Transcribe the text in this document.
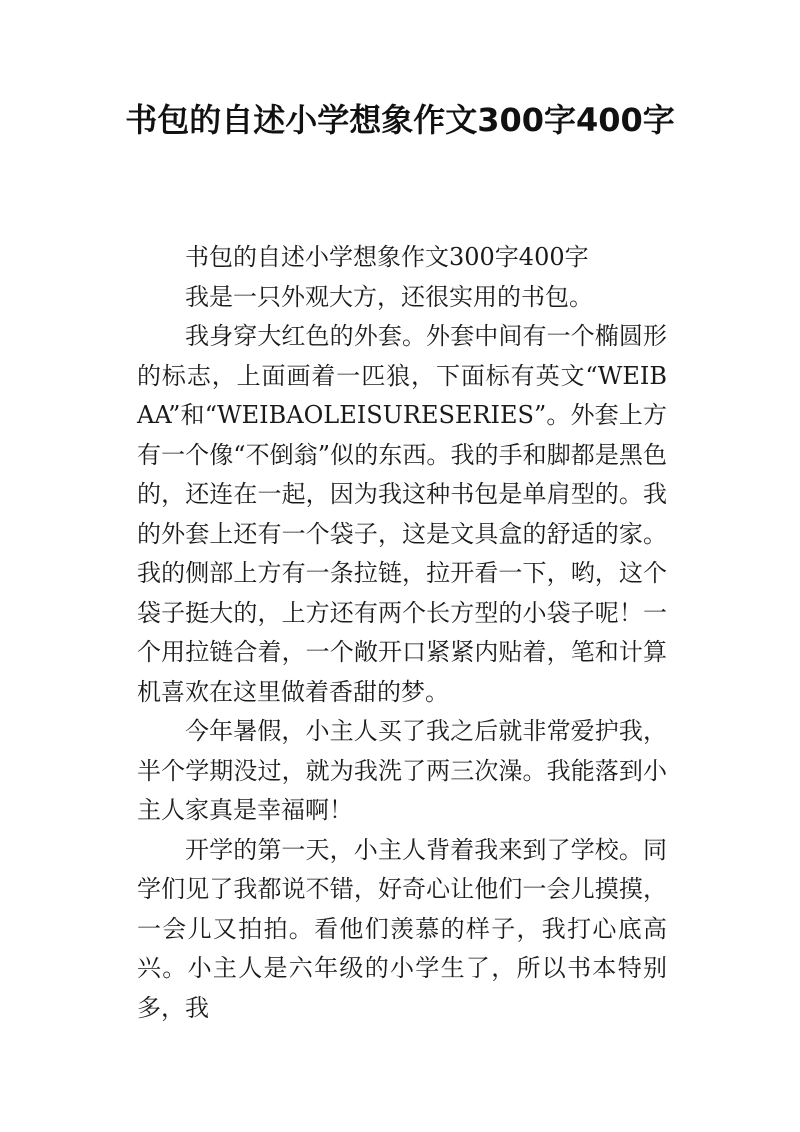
书包的自述小学想象作文300字400字

书包的自述小学想象作文300字400字

我是一只外观大方，还很实用的书包。

我身穿大红色的外套。外套中间有一个椭圆形的标志，上面画着一匹狼，下面标有英文“WEIBAA”和“WEIBAOLEISURESERIES”。外套上方有一个像“不倒翁”似的东西。我的手和脚都是黑色的，还连在一起，因为我这种书包是单肩型的。我的外套上还有一个袋子，这是文具盒的舒适的家。我的侧部上方有一条拉链，拉开看一下，哟，这个袋子挺大的，上方还有两个长方型的小袋子呢！一个用拉链合着，一个敞开口紧紧内贴着，笔和计算机喜欢在这里做着香甜的梦。

今年暑假，小主人买了我之后就非常爱护我，半个学期没过，就为我洗了两三次澡。我能落到小主人家真是幸福啊！

开学的第一天，小主人背着我来到了学校。同学们见了我都说不错，好奇心让他们一会儿摸摸，一会儿又拍拍。看他们羡慕的样子，我打心底高兴。小主人是六年级的小学生了，所以书本特别多，我
